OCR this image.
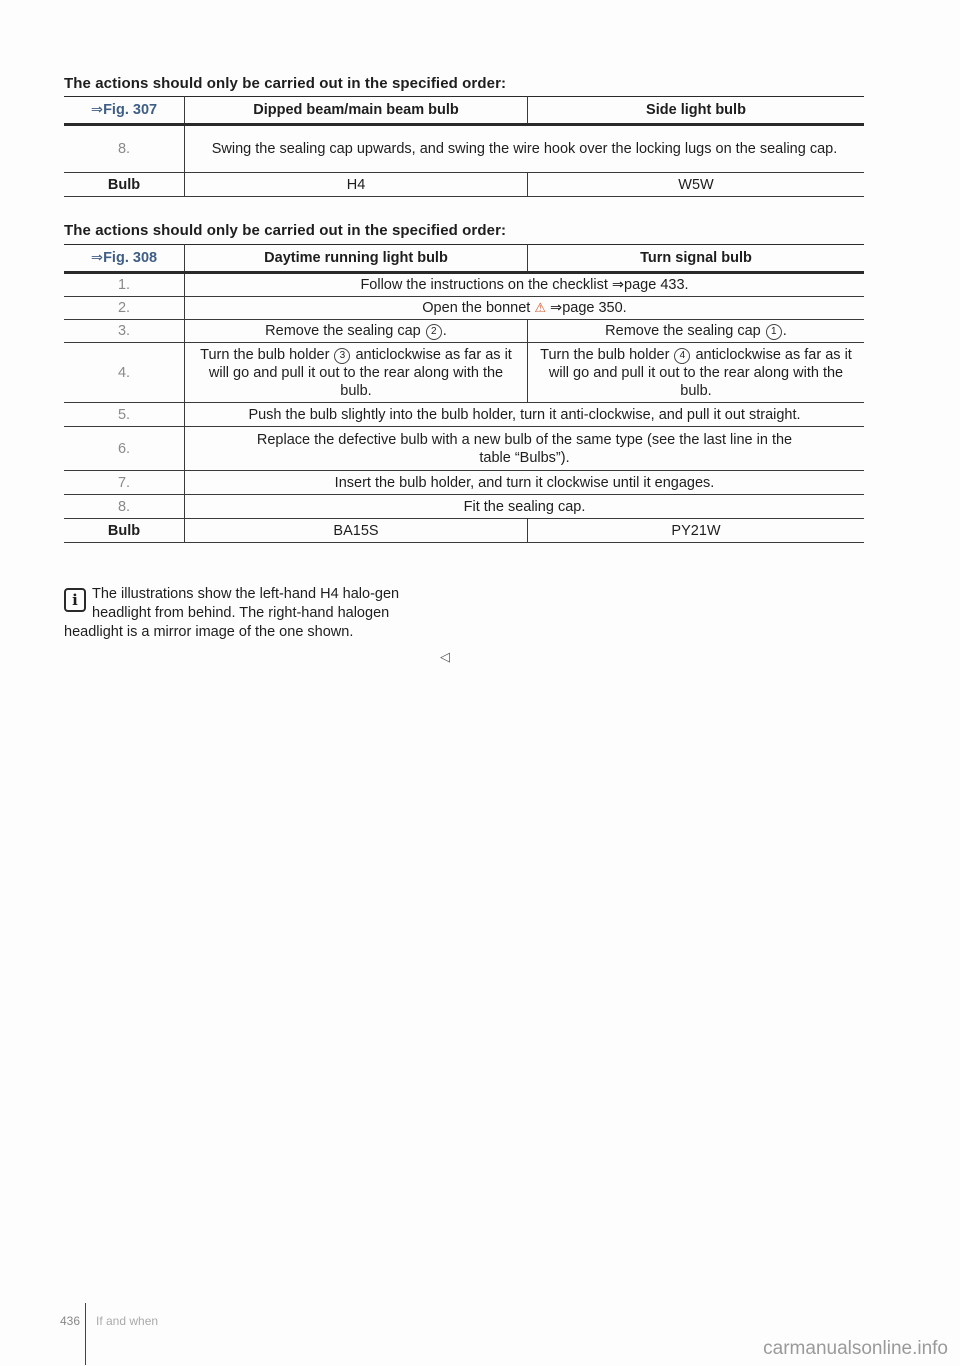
The actions should only be carried out in the specified order:
⇒Fig. 307	Dipped beam/main beam bulb	Side light bulb
8.	Swing the sealing cap upwards, and swing the wire hook over the locking lugs on the sealing cap.	
Bulb	H4	W5W
The actions should only be carried out in the specified order:
⇒Fig. 308	Daytime running light bulb	Turn signal bulb
1.	Follow the instructions on the checklist ⇒page 433.	
2.	Open the bonnet ⚠ ⇒page 350.	
3.	Remove the sealing cap 2 .	Remove the sealing cap 1 .
4.	Turn the bulb holder 3 anticlockwise as far as it will go and pull it out to the rear along with the bulb.	Turn the bulb holder 4 anticlockwise as far as it will go and pull it out to the rear along with the bulb.
5.	Push the bulb slightly into the bulb holder, turn it anti-clockwise, and pull it out straight.	
6.	Replace the defective bulb with a new bulb of the same type (see the last line in the table “Bulbs”).	
7.	Insert the bulb holder, and turn it clockwise until it engages.	
8.	Fit the sealing cap.	
Bulb	BA15S	PY21W
i The illustrations show the left-hand H4 halo-gen headlight from behind. The right-hand halogen headlight is a mirror image of the one shown.
◁
436 If and when
carmanualsonline.info
